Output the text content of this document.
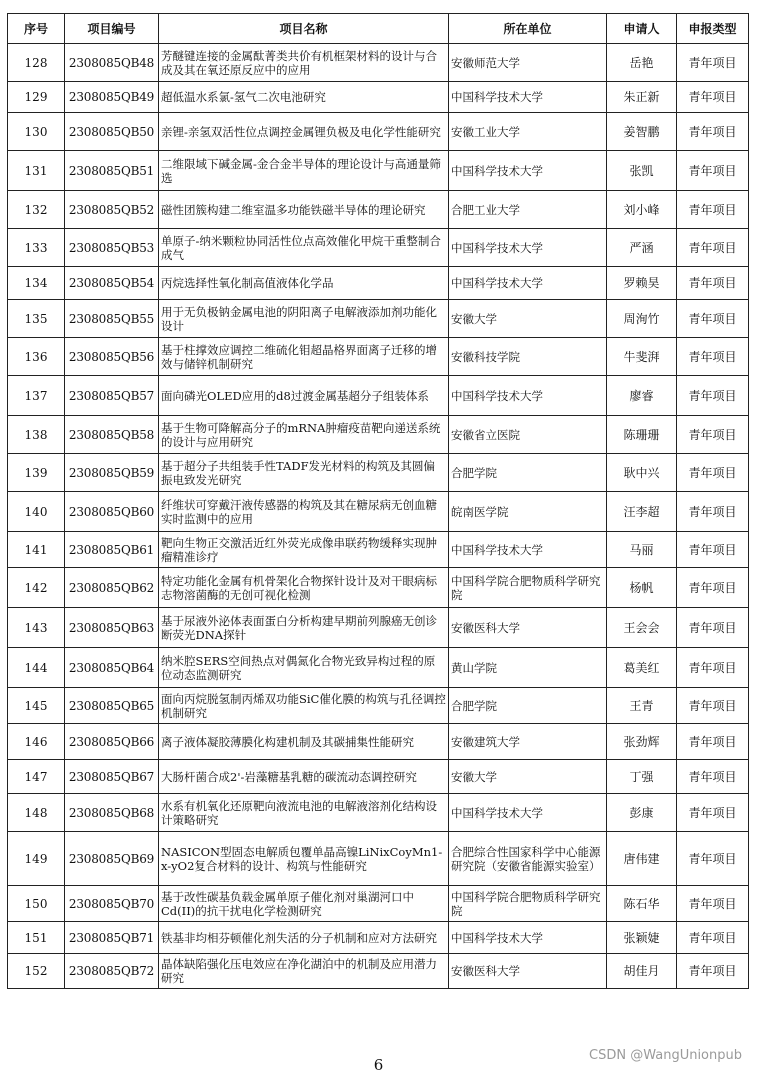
序号	项目编号	项目名称	所在单位	申请人	申报类型
128	2308085QB48	芳醚键连接的金属酞菁类共价有机框架材料的设计与合成及其在氧还原反应中的应用	安徽师范大学	岳艳	青年项目
129	2308085QB49	超低温水系氯-氢气二次电池研究	中国科学技术大学	朱正新	青年项目
130	2308085QB50	亲锂-亲氢双活性位点调控金属锂负极及电化学性能研究	安徽工业大学	姜智鹏	青年项目
131	2308085QB51	二维限域下碱金属-金合金半导体的理论设计与高通量筛选	中国科学技术大学	张凯	青年项目
132	2308085QB52	磁性团簇构建二维室温多功能铁磁半导体的理论研究	合肥工业大学	刘小峰	青年项目
133	2308085QB53	单原子-纳米颗粒协同活性位点高效催化甲烷干重整制合成气	中国科学技术大学	严涵	青年项目
134	2308085QB54	丙烷选择性氧化制高值液体化学品	中国科学技术大学	罗赖昊	青年项目
135	2308085QB55	用于无负极钠金属电池的阴阳离子电解液添加剂功能化设计	安徽大学	周洵竹	青年项目
136	2308085QB56	基于柱撑效应调控二维硫化钼超晶格界面离子迁移的增效与储锌机制研究	安徽科技学院	牛斐湃	青年项目
137	2308085QB57	面向磷光OLED应用的d8过渡金属基超分子组装体系	中国科学技术大学	廖睿	青年项目
138	2308085QB58	基于生物可降解高分子的mRNA肿瘤疫苗靶向递送系统的设计与应用研究	安徽省立医院	陈珊珊	青年项目
139	2308085QB59	基于超分子共组装手性TADF发光材料的构筑及其圆偏振电致发光研究	合肥学院	耿中兴	青年项目
140	2308085QB60	纤维状可穿戴汗液传感器的构筑及其在糖尿病无创血糖实时监测中的应用	皖南医学院	汪李超	青年项目
141	2308085QB61	靶向生物正交激活近红外荧光成像串联药物缓释实现肿瘤精准诊疗	中国科学技术大学	马丽	青年项目
142	2308085QB62	特定功能化金属有机骨架化合物探针设计及对干眼病标志物溶菌酶的无创可视化检测	中国科学院合肥物质科学研究院	杨帆	青年项目
143	2308085QB63	基于尿液外泌体表面蛋白分析构建早期前列腺癌无创诊断荧光DNA探针	安徽医科大学	王会会	青年项目
144	2308085QB64	纳米腔SERS空间热点对偶氮化合物光致异构过程的原位动态监测研究	黄山学院	葛美红	青年项目
145	2308085QB65	面向丙烷脱氢制丙烯双功能SiC催化膜的构筑与孔径调控机制研究	合肥学院	王青	青年项目
146	2308085QB66	离子液体凝胶薄膜化构建机制及其碳捕集性能研究	安徽建筑大学	张劲辉	青年项目
147	2308085QB67	大肠杆菌合成2'-岩藻糖基乳糖的碳流动态调控研究	安徽大学	丁强	青年项目
148	2308085QB68	水系有机氧化还原靶向液流电池的电解液溶剂化结构设计策略研究	中国科学技术大学	彭康	青年项目
149	2308085QB69	NASICON型固态电解质包覆单晶高镍LiNixCoyMn1-x-yO2复合材料的设计、构筑与性能研究	合肥综合性国家科学中心能源研究院（安徽省能源实验室）	唐伟建	青年项目
150	2308085QB70	基于改性碳基负载金属单原子催化剂对巢湖河口中Cd(II)的抗干扰电化学检测研究	中国科学院合肥物质科学研究院	陈石华	青年项目
151	2308085QB71	铁基非均相芬顿催化剂失活的分子机制和应对方法研究	中国科学技术大学	张颖婕	青年项目
152	2308085QB72	晶体缺陷强化压电效应在净化湖泊中的机制及应用潜力研究	安徽医科大学	胡佳月	青年项目
6
CSDN @WangUnionpub
